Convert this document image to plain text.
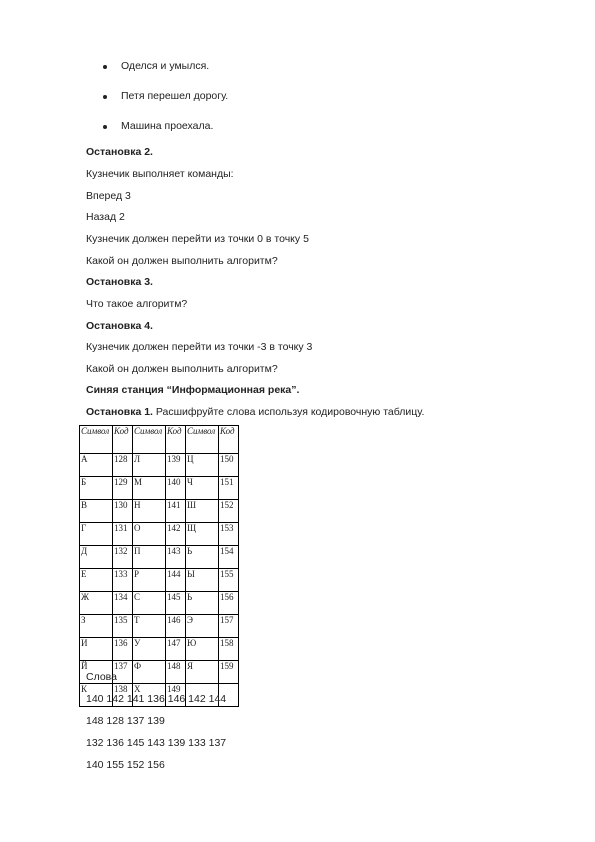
Оделся и умылся.
Петя перешел дорогу.
Машина проехала.
Остановка 2.
Кузнечик выполняет команды:
Вперед 3
Назад 2
Кузнечик должен перейти из точки 0 в точку 5
Какой он должен выполнить алгоритм?
Остановка 3.
Что такое алгоритм?
Остановка 4.
Кузнечик должен перейти из точки -3 в точку 3
Какой он должен выполнить алгоритм?
Синяя станция “Информационная река”.
Остановка 1. Расшифруйте слова используя кодировочную таблицу.
Символ	Код	Символ	Код	Символ	Код

А	128	Л	139	Ц	150
Б	129	М	140	Ч	151
В	130	Н	141	Ш	152
Г	131	О	142	Щ	153
Д	132	П	143	Ь	154
Е	133	Р	144	Ы	155
Ж	134	С	145	Ь	156
З	135	Т	146	Э	157
И	136	У	147	Ю	158
Й	137	Ф	148	Я	159
К	138	Х	149		
Слова
140 142 141 136 146 142 144
148 128 137 139
132 136 145 143 139 133 137
140 155 152 156
